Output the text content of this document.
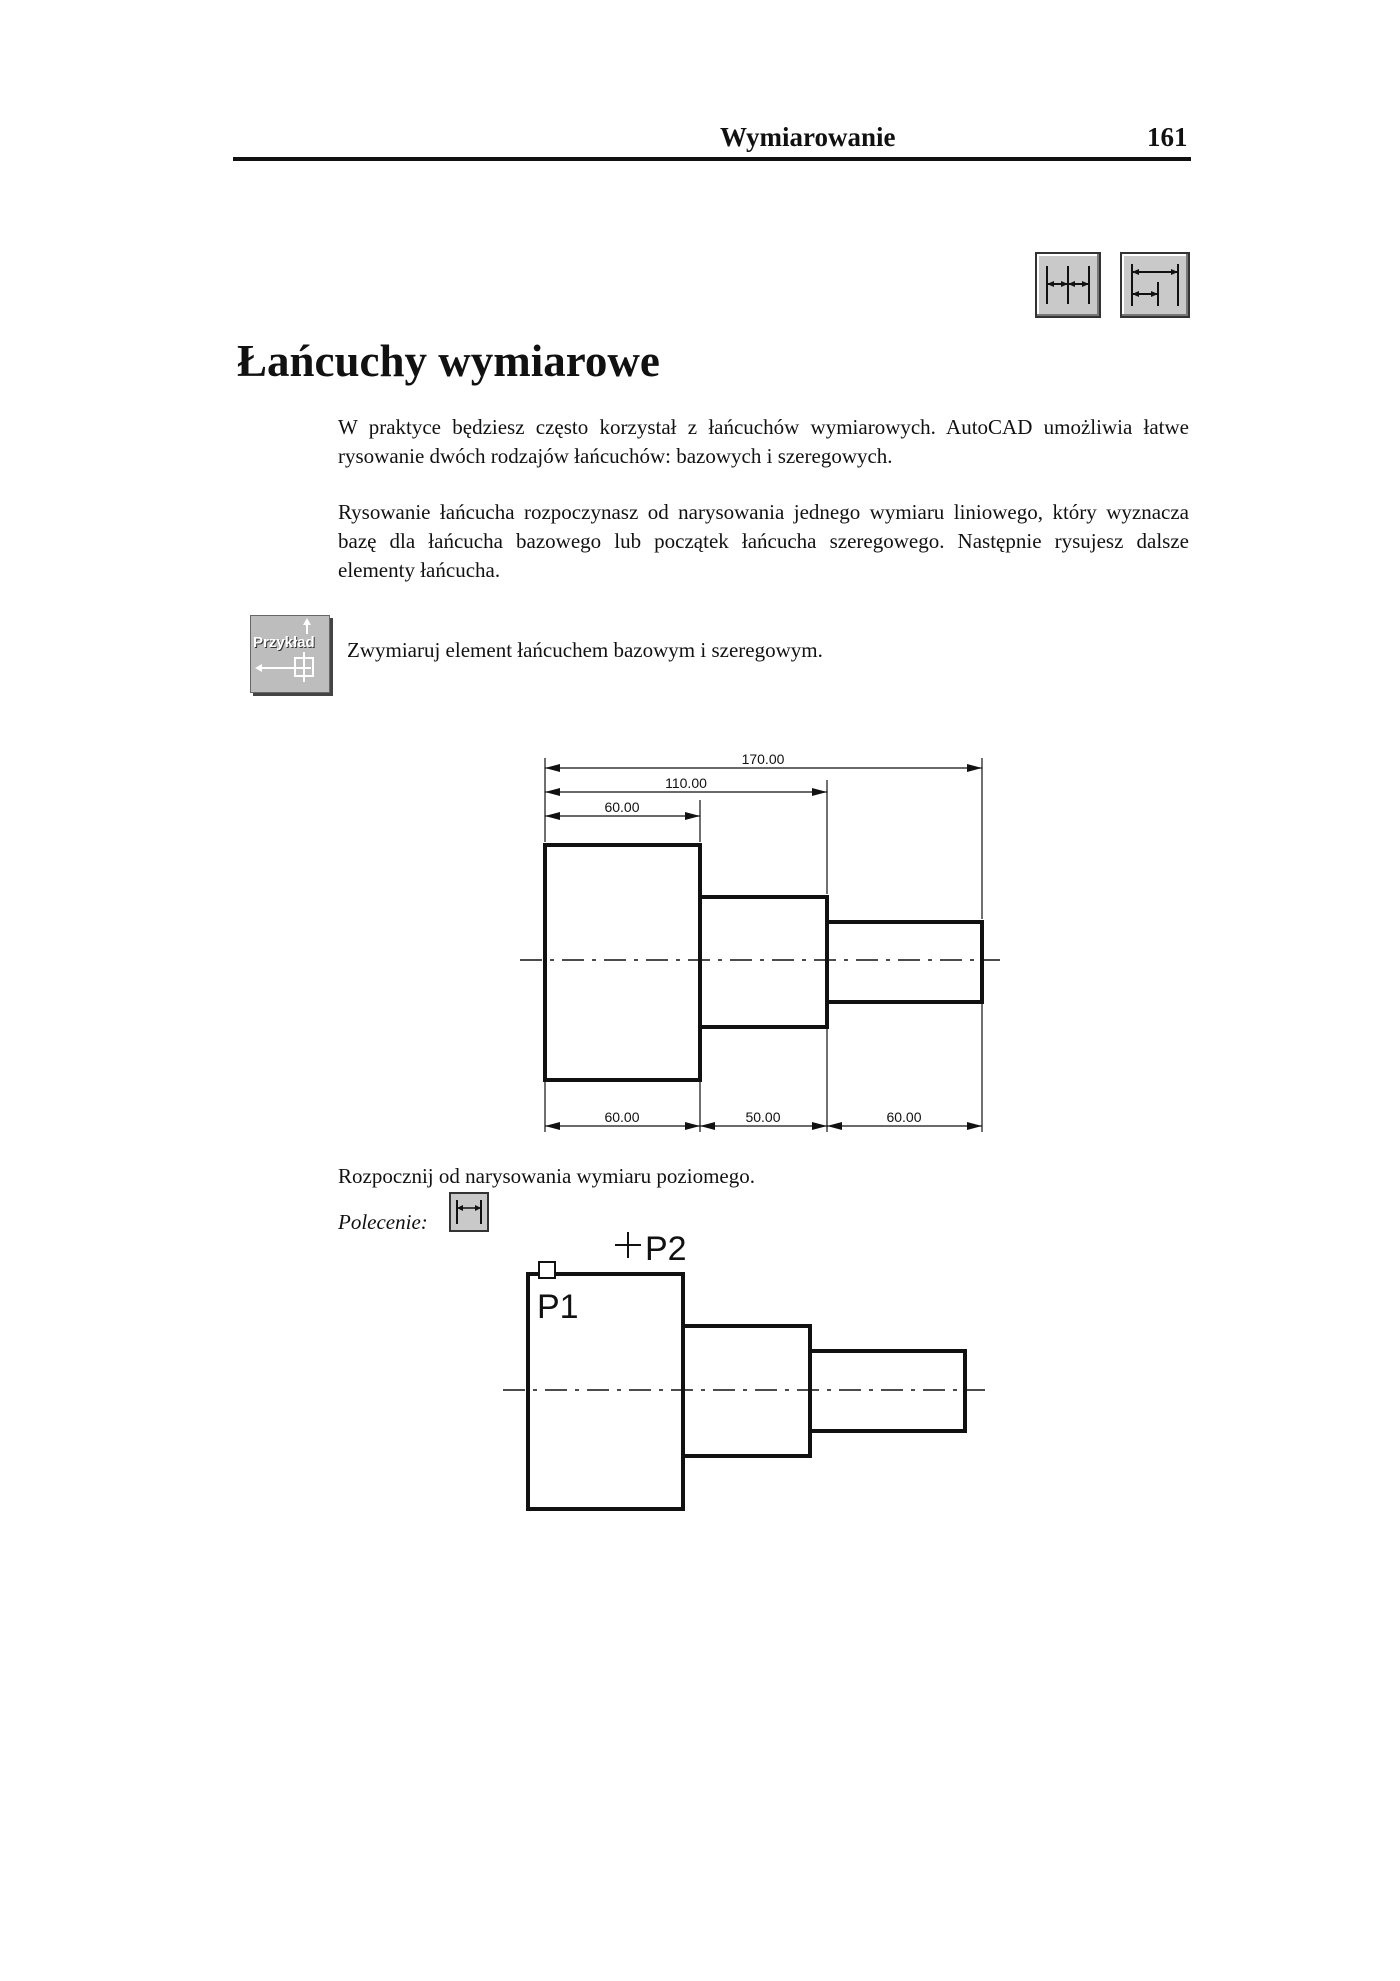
Wymiarowanie	161
Łańcuchy wymiarowe
W praktyce będziesz często korzystał z łańcuchów wymiarowych. AutoCAD umożliwia łatwe rysowanie dwóch rodzajów łańcuchów: bazowych i szeregowych.
Rysowanie łańcucha rozpoczynasz od narysowania jednego wymiaru liniowego, który wyznacza bazę dla łańcucha bazowego lub początek łańcucha szeregowego. Następnie rysujesz dalsze elementy łańcucha.
Przykład Zwymiaruj element łańcuchem bazowym i szeregowym.
170.00
110.00
60.00
60.00	50.00	60.00
Rozpocznij od narysowania wymiaru poziomego.
Polecenie:
P1
P2
